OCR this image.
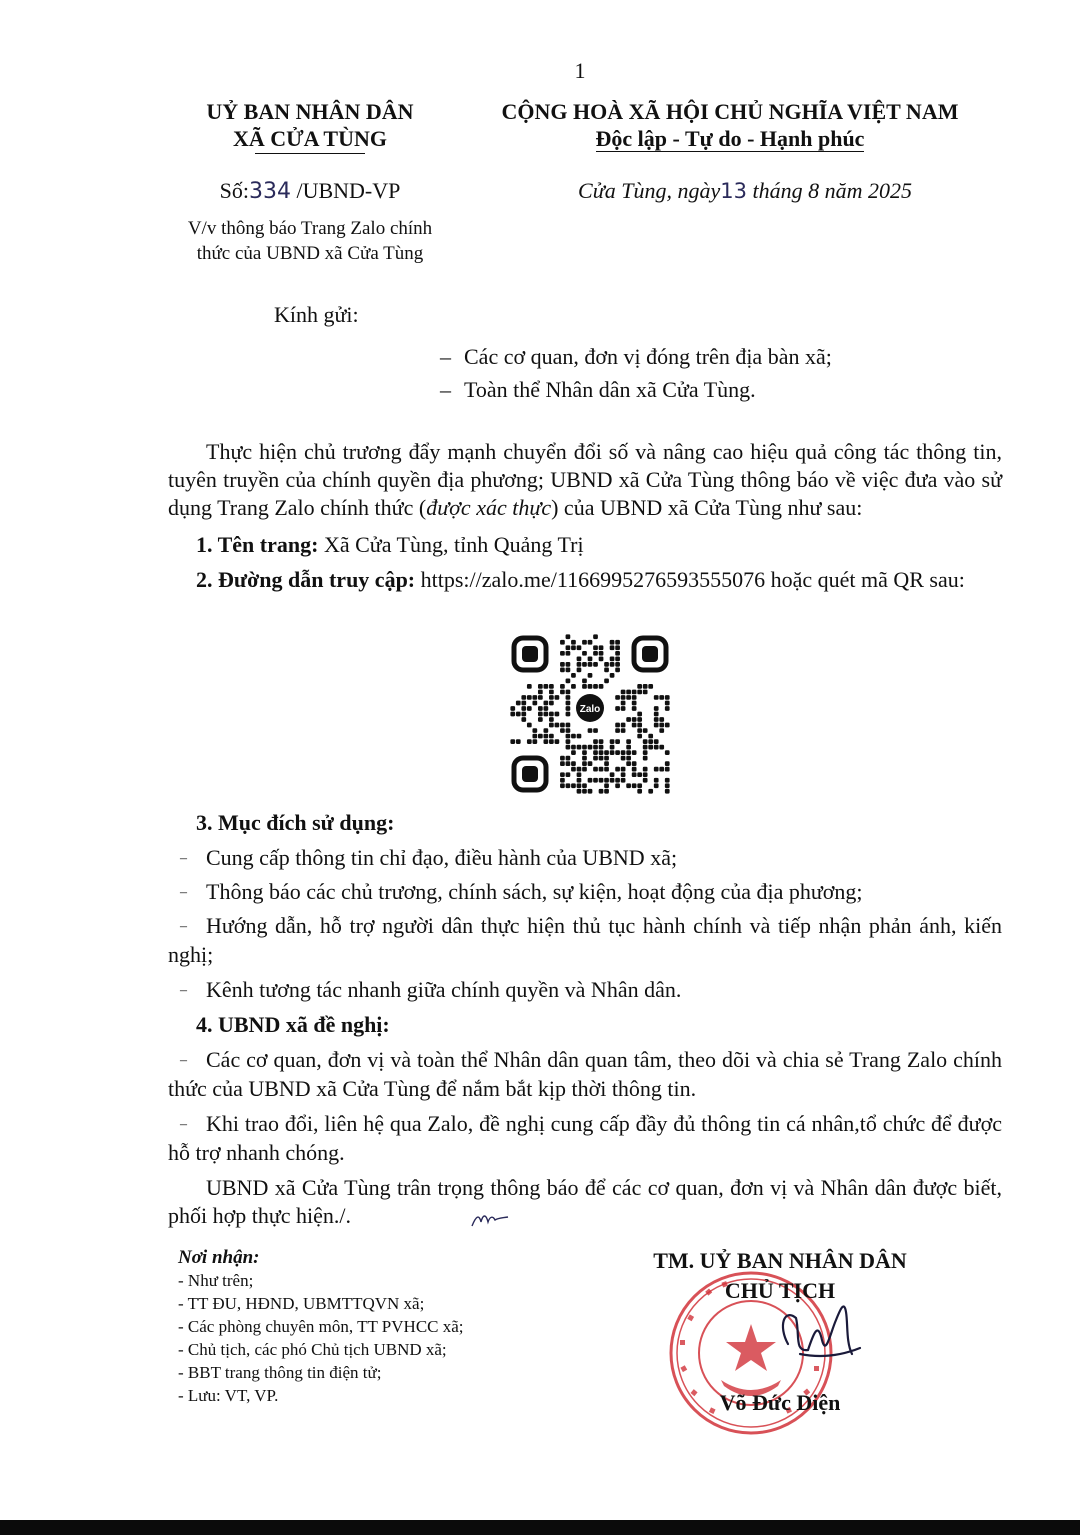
1
UỶ BAN NHÂN DÂN
XÃ CỬA TÙNG
CỘNG HOÀ XÃ HỘI CHỦ NGHĨA VIỆT NAM
Độc lập - Tự do - Hạnh phúc
Số:334 /UBND-VP
V/v thông báo Trang Zalo chính
thức của UBND xã Cửa Tùng
Cửa Tùng, ngày13 tháng 8 năm 2025
Kính gửi:
– Các cơ quan, đơn vị đóng trên địa bàn xã;
– Toàn thể Nhân dân xã Cửa Tùng.
Thực hiện chủ trương đẩy mạnh chuyển đổi số và nâng cao hiệu quả công tác thông tin, tuyên truyền của chính quyền địa phương; UBND xã Cửa Tùng thông báo về việc đưa vào sử dụng Trang Zalo chính thức (được xác thực) của UBND xã Cửa Tùng như sau:
1. Tên trang: Xã Cửa Tùng, tỉnh Quảng Trị
2. Đường dẫn truy cập: https://zalo.me/1166995276593555076 hoặc quét mã QR sau:
Zalo
3. Mục đích sử dụng:
– Cung cấp thông tin chỉ đạo, điều hành của UBND xã;
– Thông báo các chủ trương, chính sách, sự kiện, hoạt động của địa phương;
– Hướng dẫn, hỗ trợ người dân thực hiện thủ tục hành chính và tiếp nhận phản ánh, kiến nghị;
– Kênh tương tác nhanh giữa chính quyền và Nhân dân.
4. UBND xã đề nghị:
– Các cơ quan, đơn vị và toàn thể Nhân dân quan tâm, theo dõi và chia sẻ Trang Zalo chính thức của UBND xã Cửa Tùng để nắm bắt kịp thời thông tin.
– Khi trao đổi, liên hệ qua Zalo, đề nghị cung cấp đầy đủ thông tin cá nhân,tổ chức để được hỗ trợ nhanh chóng.
UBND xã Cửa Tùng trân trọng thông báo để các cơ quan, đơn vị và Nhân dân được biết, phối hợp thực hiện./.
Nơi nhận:
- Như trên;
- TT ĐU, HĐND, UBMTTQVN xã;
- Các phòng chuyên môn, TT PVHCC xã;
- Chủ tịch, các phó Chủ tịch UBND xã;
- BBT trang thông tin điện tử;
- Lưu: VT, VP.
TM. UỶ BAN NHÂN DÂN
CHỦ TỊCH
Võ Đức Diện
